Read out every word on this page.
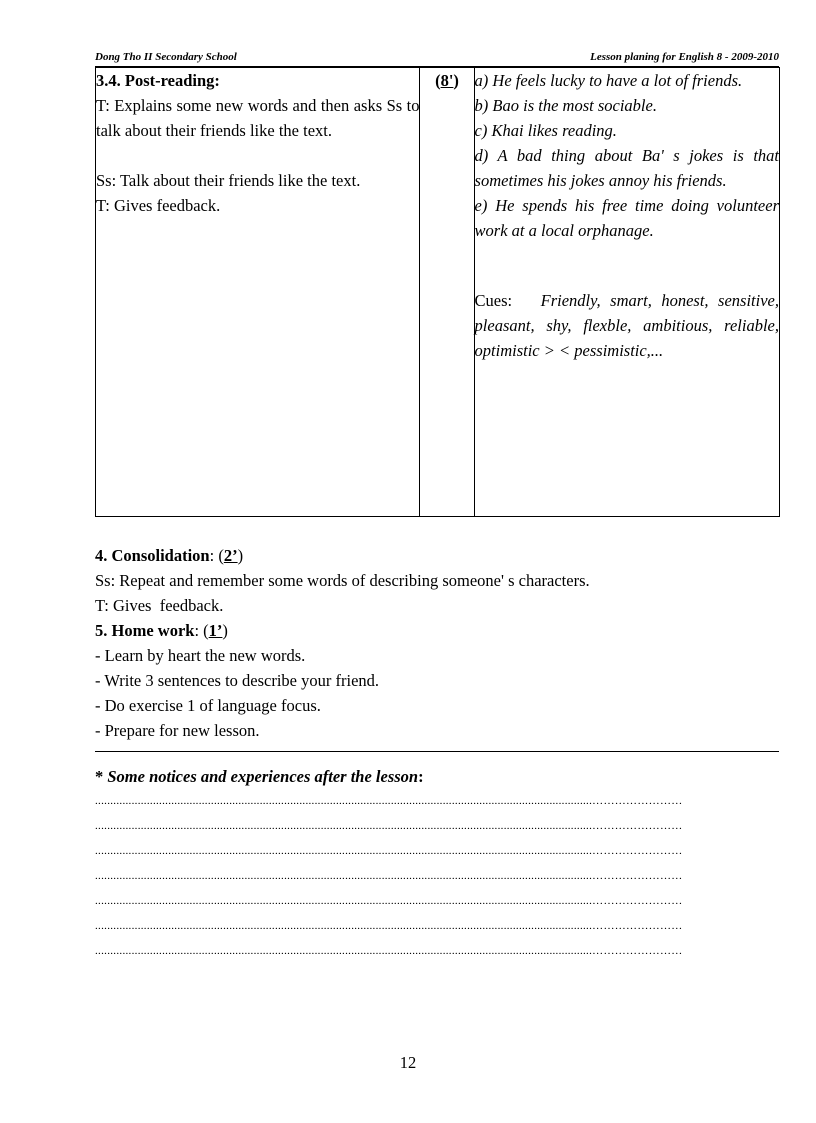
Dong Tho II Secondary School	Lesson planing for English 8 - 2009-2010
3.4. Post-reading:
T: Explains some new words and then asks Ss to talk about their friends like the text.
Ss: Talk about their friends like the text.
T: Gives feedback.
	(8')	a) He feels lucky to have a lot of friends.
b) Bao is the most sociable.
c) Khai likes reading.
d) A bad thing about Ba' s jokes is that sometimes his jokes annoy his friends.
e) He spends his free time doing volunteer work at a local orphanage.
Cues: Friendly, smart, honest, sensitive, pleasant, shy, flexble, ambitious, reliable, optimistic > < pessimistic,...
4. Consolidation: (2’)
Ss: Repeat and remember some words of describing someone' s characters.
T: Gives  feedback.
5. Home work: (1’)
- Learn by heart the new words.
- Write 3 sentences to describe your friend.
- Do exercise 1 of language focus.
- Prepare for new lesson.
* Some notices and experiences after the lesson:
...................................................................................................................................................................……………………
...................................................................................................................................................................……………………
...................................................................................................................................................................……………………
...................................................................................................................................................................……………………
...................................................................................................................................................................……………………
...................................................................................................................................................................……………………
...................................................................................................................................................................……………………
12
